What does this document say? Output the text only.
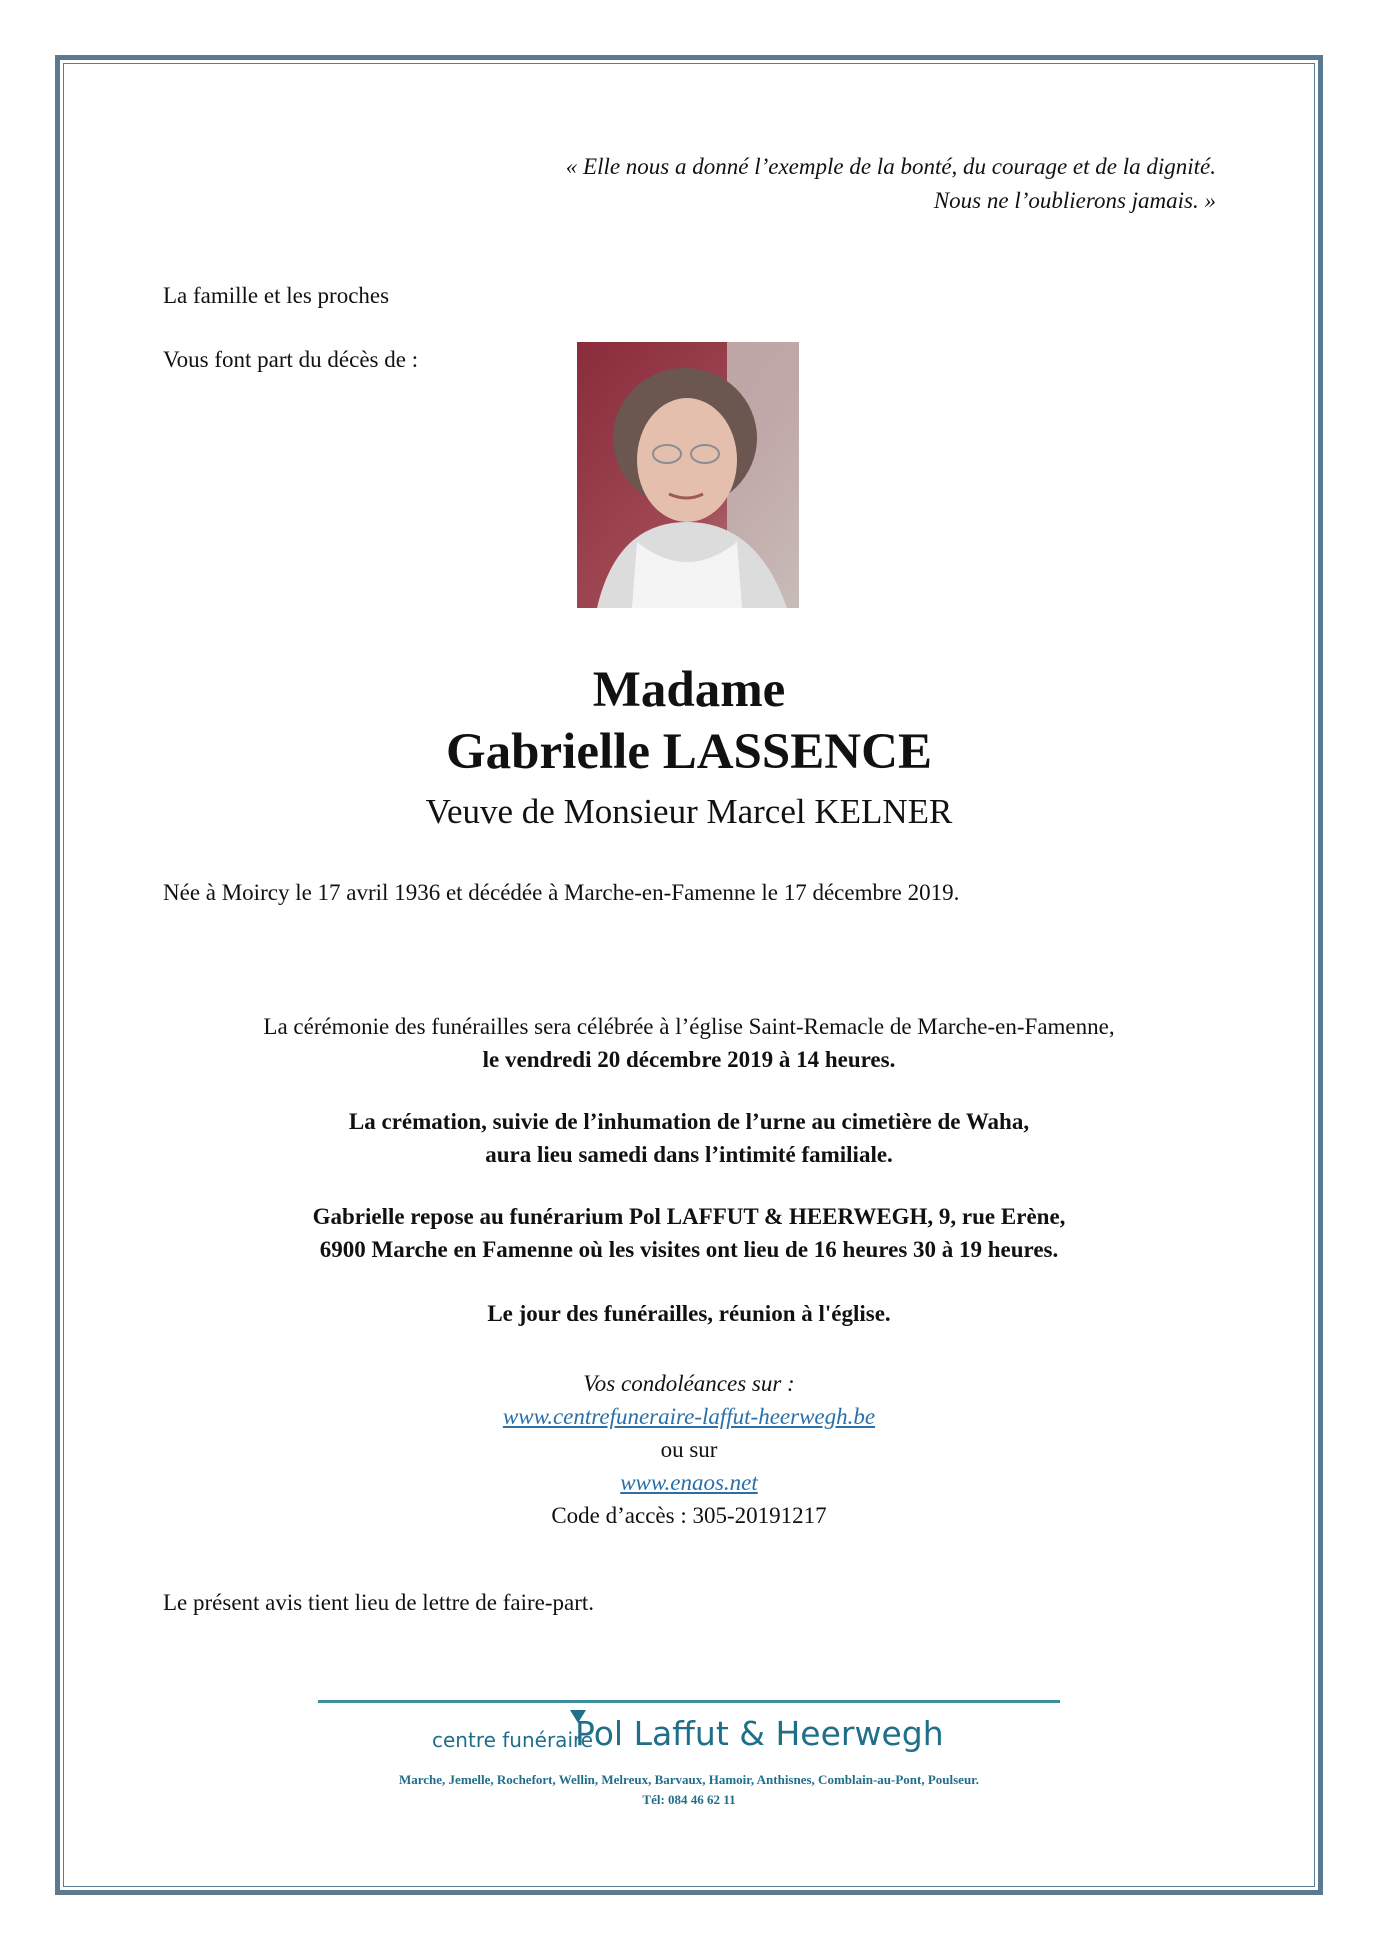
« Elle nous a donné l’exemple de la bonté, du courage et de la dignité.
Nous ne l’oublierons jamais. »
La famille et les proches
Vous font part du décès de :
Madame
Gabrielle LASSENCE
Veuve de Monsieur Marcel KELNER
Née à Moircy le 17 avril 1936 et décédée à Marche-en-Famenne le 17 décembre 2019.
La cérémonie des funérailles sera célébrée à l’église Saint-Remacle de Marche-en-Famenne,
le vendredi 20 décembre 2019 à 14 heures.
La crémation, suivie de l’inhumation de l’urne au cimetière de Waha,
aura lieu samedi dans l’intimité familiale.
Gabrielle repose au funérarium Pol LAFFUT & HEERWEGH, 9, rue Erène,
6900 Marche en Famenne où les visites ont lieu de 16 heures 30 à 19 heures.
Le jour des funérailles, réunion à l'église.
Vos condoléances sur :
www.centrefuneraire-laffut-heerwegh.be
ou sur
www.enaos.net
Code d’accès : 305-20191217
Le présent avis tient lieu de lettre de faire-part.
centre funéraire
Pol Laffut & Heerwegh
Marche, Jemelle, Rochefort, Wellin, Melreux, Barvaux, Hamoir, Anthisnes, Comblain-au-Pont, Poulseur.
Tél: 084 46 62 11
